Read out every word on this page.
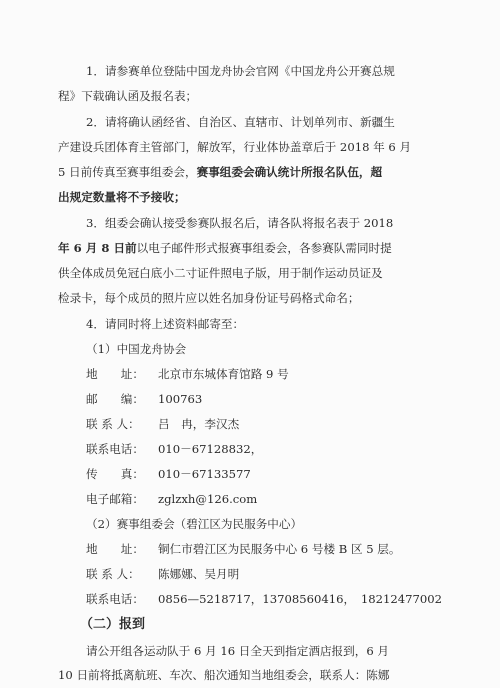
1．请参赛单位登陆中国龙舟协会官网《中国龙舟公开赛总规
程》下载确认函及报名表；
2．请将确认函经省、自治区、直辖市、计划单列市、新疆生
产建设兵团体育主管部门，解放军，行业体协盖章后于 2018 年 6 月
5 日前传真至赛事组委会，赛事组委会确认统计所报名队伍，超
出规定数量将不予接收；
3．组委会确认接受参赛队报名后，请各队将报名表于 2018
年 6 月 8 日前以电子邮件形式报赛事组委会，各参赛队需同时提
供全体成员免冠白底小二寸证件照电子版，用于制作运动员证及
检录卡，每个成员的照片应以姓名加身份证号码格式命名；
4．请同时将上述资料邮寄至：
（1）中国龙舟协会
地　　址： 北京市东城体育馆路 9 号
邮　　编： 100763
联 系 人： 吕　冉，李汉杰
联系电话： 010－67128832，
传　　真： 010－67133577
电子邮箱： zglzxh@126.com
（2）赛事组委会（碧江区为民服务中心）
地　　址： 铜仁市碧江区为民服务中心 6 号楼 B 区 5 层。
联 系 人： 陈娜娜、吴月明
联系电话： 0856—5218717，13708560416，　18212477002
（二）报到
请公开组各运动队于 6 月 16 日全天到指定酒店报到，6 月
10 日前将抵离航班、车次、船次通知当地组委会，联系人：陈娜
